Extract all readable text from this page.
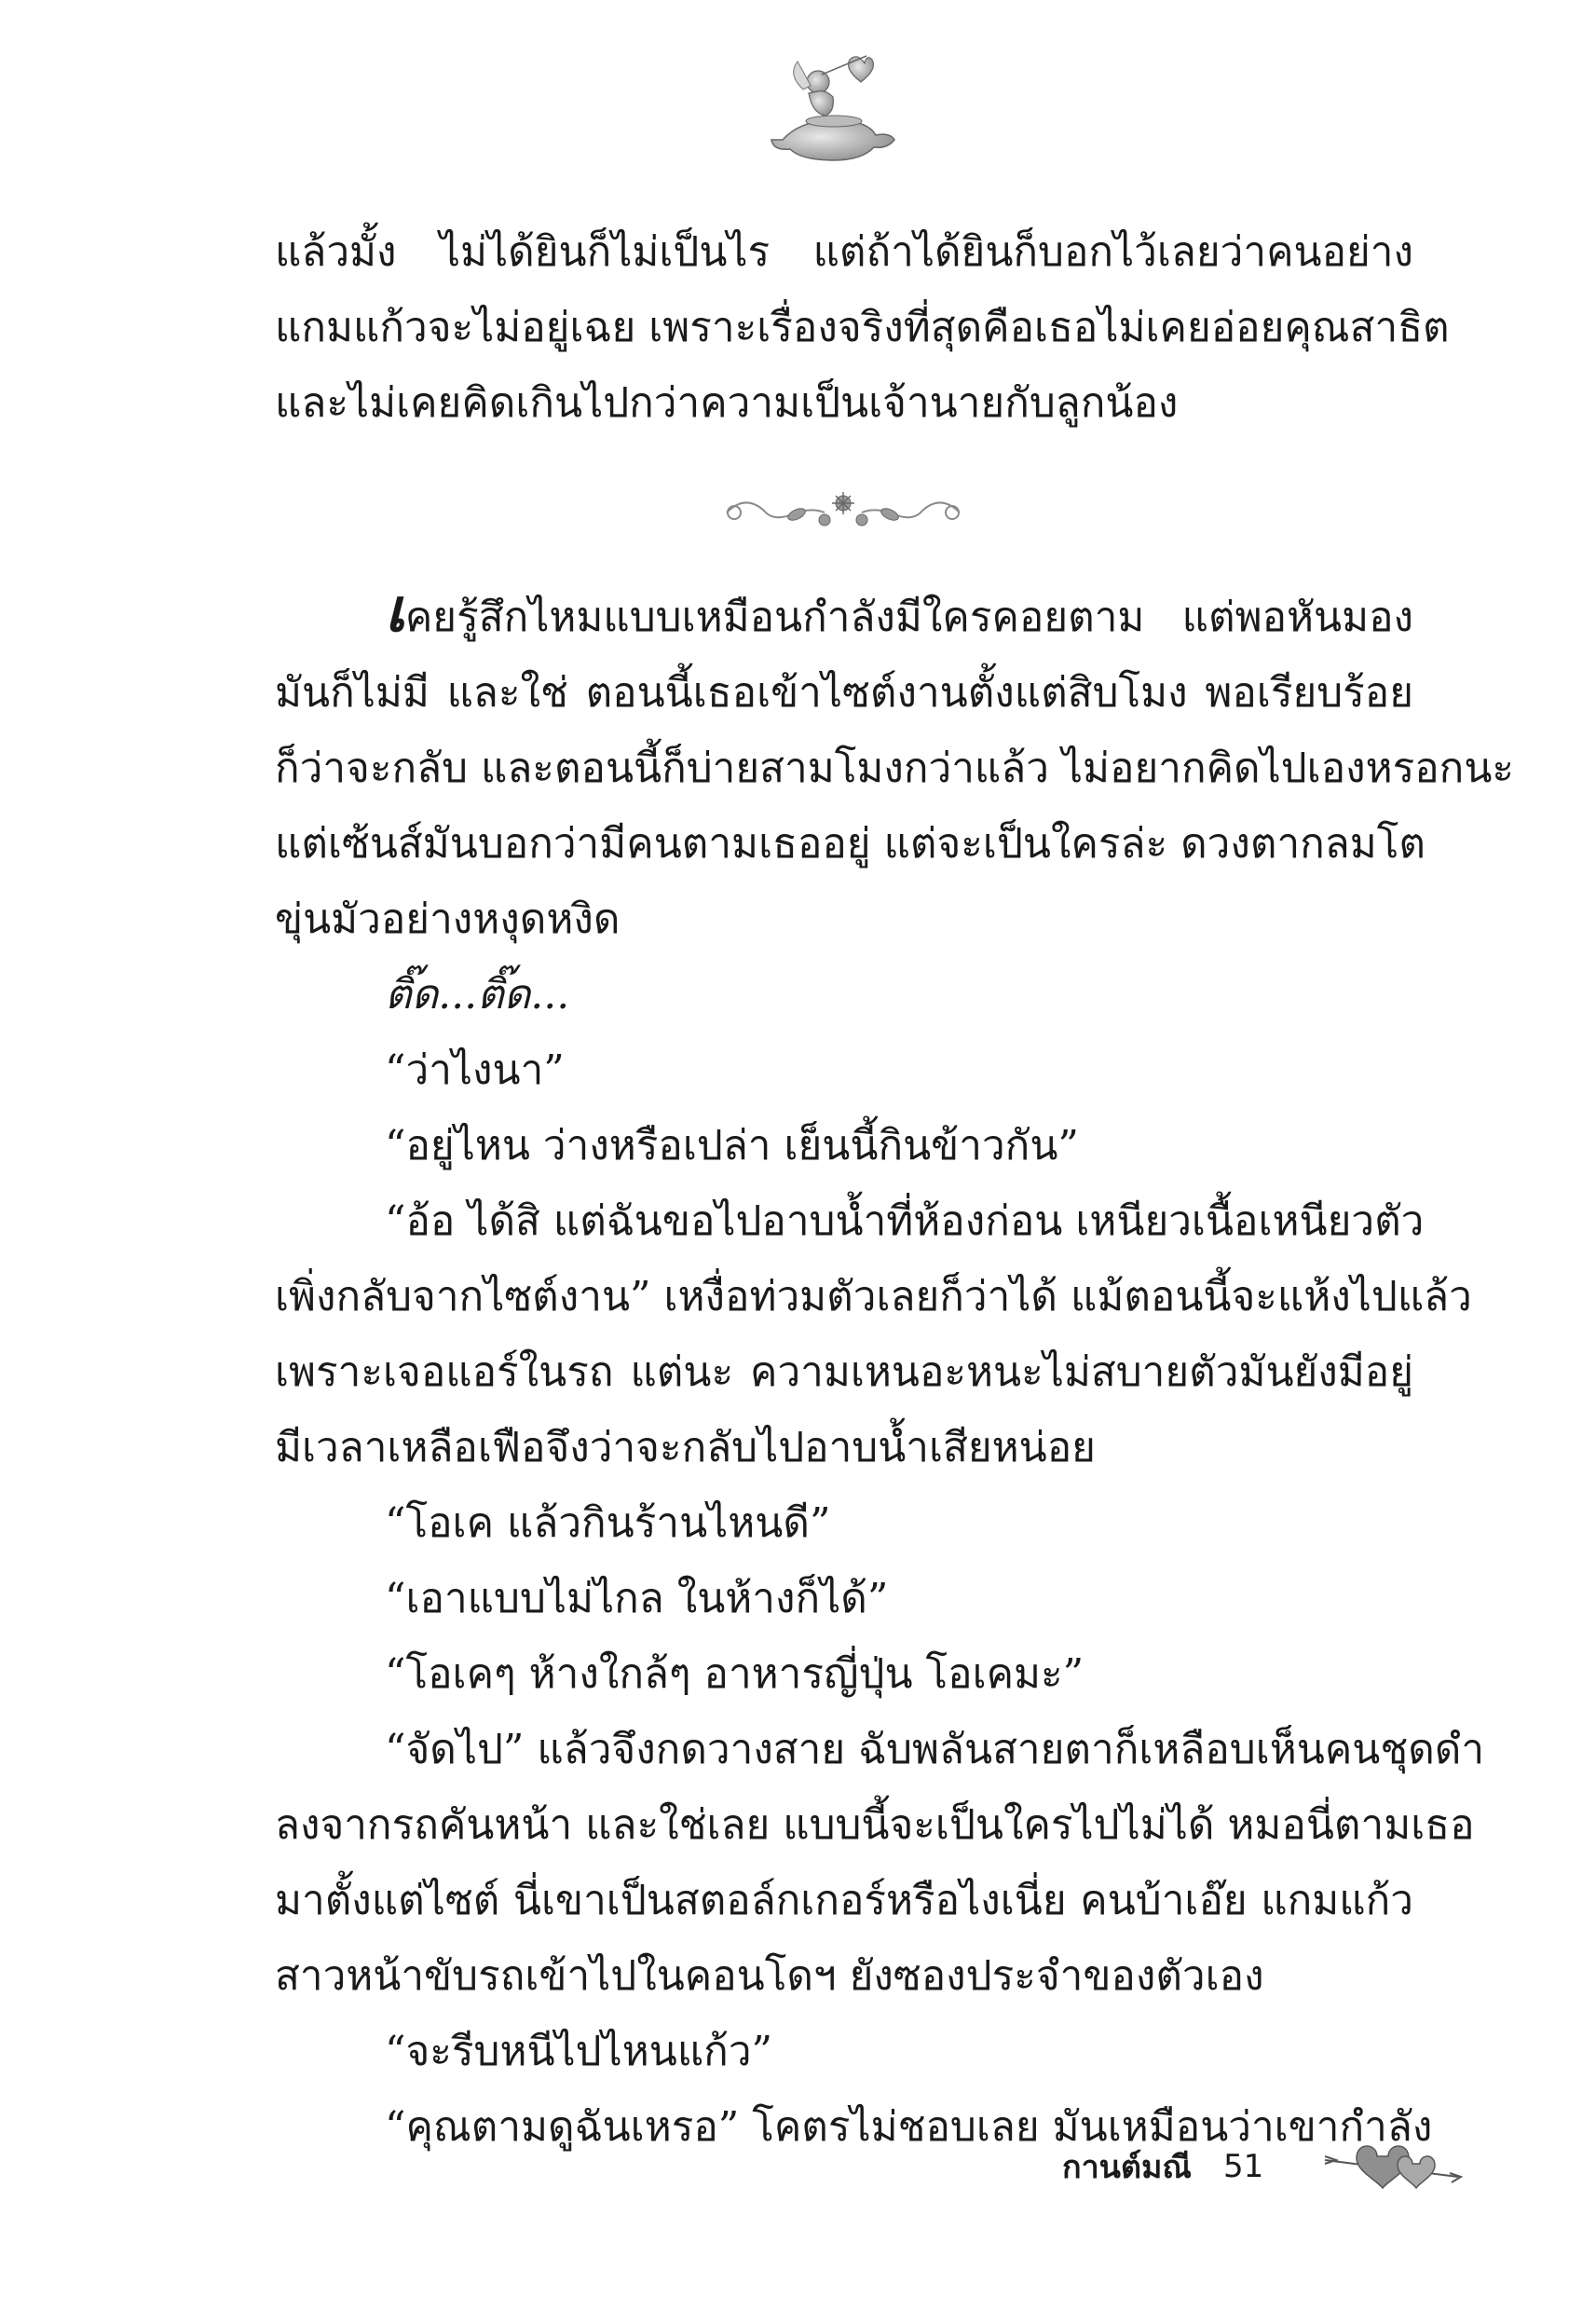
แล้วมั้ง ไม่ได้ยินก็ไม่เป็นไร แต่ถ้าได้ยินก็บอกไว้เลยว่าคนอย่าง
แกมแก้วจะไม่อยู่เฉย เพราะเรื่องจริงที่สุดคือเธอไม่เคยอ่อยคุณสาธิต
และไม่เคยคิดเกินไปกว่าความเป็นเจ้านายกับลูกน้อง
เคยรู้สึกไหมแบบเหมือนกำลังมีใครคอยตาม แต่พอหันมอง
มันก็ไม่มี และใช่ ตอนนี้เธอเข้าไซต์งานตั้งแต่สิบโมง พอเรียบร้อย
ก็ว่าจะกลับ และตอนนี้ก็บ่ายสามโมงกว่าแล้ว ไม่อยากคิดไปเองหรอกนะ
แต่เซ้นส์มันบอกว่ามีคนตามเธออยู่ แต่จะเป็นใครล่ะ ดวงตากลมโต
ขุ่นมัวอย่างหงุดหงิด
ติ๊ด...ติ๊ด...
“ว่าไงนา”
“อยู่ไหน ว่างหรือเปล่า เย็นนี้กินข้าวกัน”
“อ้อ ได้สิ แต่ฉันขอไปอาบน้ำที่ห้องก่อน เหนียวเนื้อเหนียวตัว
เพิ่งกลับจากไซต์งาน” เหงื่อท่วมตัวเลยก็ว่าได้ แม้ตอนนี้จะแห้งไปแล้ว
เพราะเจอแอร์ในรถ แต่นะ ความเหนอะหนะไม่สบายตัวมันยังมีอยู่
มีเวลาเหลือเฟือจึงว่าจะกลับไปอาบน้ำเสียหน่อย
“โอเค แล้วกินร้านไหนดี”
“เอาแบบไม่ไกล ในห้างก็ได้”
“โอเคๆ ห้างใกล้ๆ อาหารญี่ปุ่น โอเคมะ”
“จัดไป” แล้วจึงกดวางสาย ฉับพลันสายตาก็เหลือบเห็นคนชุดดำ
ลงจากรถคันหน้า และใช่เลย แบบนี้จะเป็นใครไปไม่ได้ หมอนี่ตามเธอ
มาตั้งแต่ไซต์ นี่เขาเป็นสตอล์กเกอร์หรือไงเนี่ย คนบ้าเอ๊ย แกมแก้ว
สาวหน้าขับรถเข้าไปในคอนโดฯ ยังซองประจำของตัวเอง
“จะรีบหนีไปไหนแก้ว”
“คุณตามดูฉันเหรอ” โคตรไม่ชอบเลย มันเหมือนว่าเขากำลัง
กานต์มณี 51
